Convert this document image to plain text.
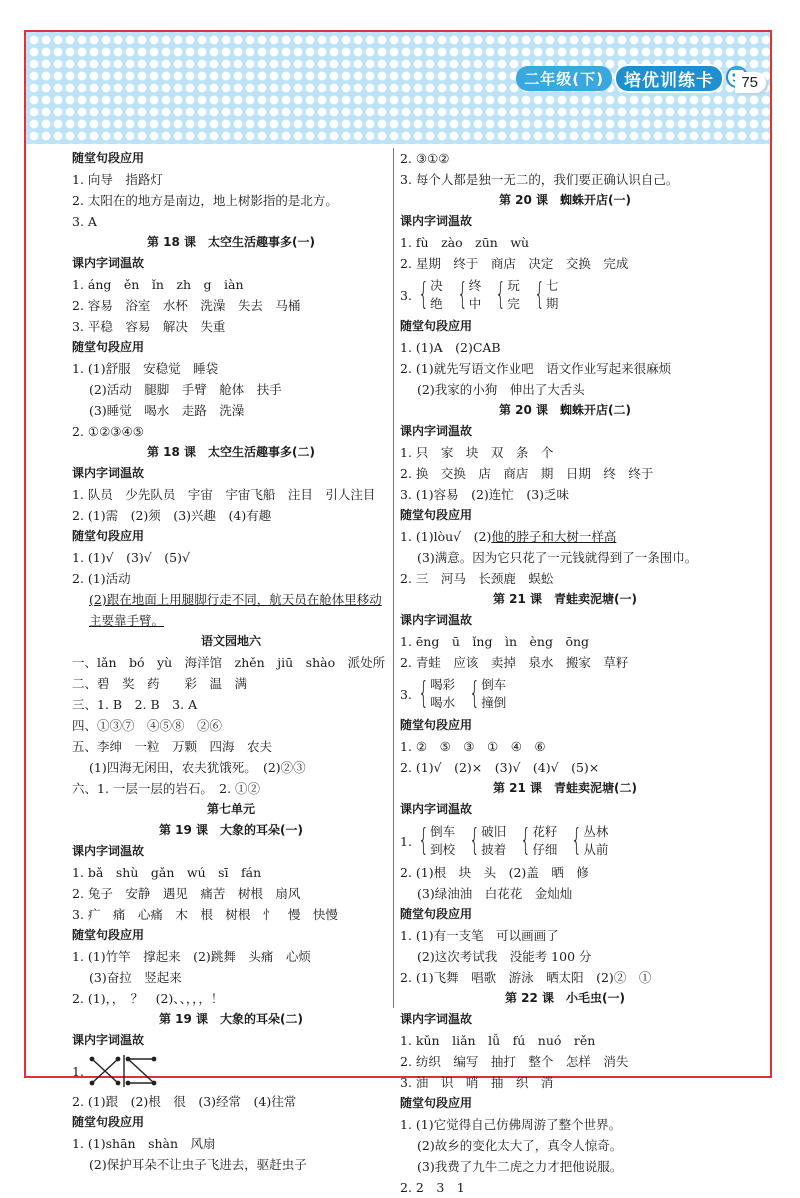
二年级(下)	培优训练卡	75
随堂句段应用
1. 向导　指路灯
2. 太阳在的地方是南边，地上树影指的是北方。
3. A
第 18 课　太空生活趣事多(一)
课内字词温故
1. áng　ěn　ǐn　zh　g　iàn
2. 容易　浴室　水杯　洗澡　失去　马桶
3. 平稳　容易　解决　失重
随堂句段应用
1. (1)舒服　安稳觉　睡袋
(2)活动　腿脚　手臂　舱体　扶手
(3)睡觉　喝水　走路　洗澡
2. ①②③④⑤
第 18 课　太空生活趣事多(二)
课内字词温故
1. 队员　少先队员　宇宙　宇宙飞船　注目　引人注目
2. (1)需　(2)须　(3)兴趣　(4)有趣
随堂句段应用
1. (1)√　(3)√　(5)√
2. (1)活动
(2)跟在地面上用腿脚行走不同，航天员在舱体里移动
主要靠手臂。
语文园地六
一、lǎn　bó　yù　海洋馆　zhěn　jiū　shào　派处所
二、碧　奖　药　　彩　温　满
三、1. B　2. B　3. A
四、①③⑦　④⑤⑧　②⑥
五、李绅　一粒　万颗　四海　农夫
(1)四海无闲田，农夫犹饿死。　(2)②③
六、1. 一层一层的岩石。　2. ①②
第七单元
第 19 课　大象的耳朵(一)
课内字词温故
1. bǎ　shù　gǎn　wú　sī　fán
2. 兔子　安静　遇见　痛苦　树根　扇风
3. 疒　痛　心痛　木　根　树根　忄　慢　快慢
随堂句段应用
1. (1)竹竿　撑起来　(2)跳舞　头痛　心烦
(3)奋拉　竖起来
2. (1)，，　？　(2)、、，，，！
第 19 课　大象的耳朵(二)
课内字词温故
1.
2. (1)跟　(2)根　很　(3)经常　(4)往常
随堂句段应用
1. (1)shān　shàn　风扇
(2)保护耳朵不让虫子飞进去，驱赶虫子
2. ③①②
3. 每个人都是独一无二的，我们要正确认识自己。
第 20 课　蜘蛛开店(一)
课内字词温故
1. fù　zào　zūn　wù
2. 星期　终于　商店　决定　交换　完成
3. { 决
绝 { 终
中 { 玩
完 { 七
期
随堂句段应用
1. (1)A　(2)CAB
2. (1)就先写语文作业吧　语文作业写起来很麻烦
(2)我家的小狗　伸出了大舌头
第 20 课　蜘蛛开店(二)
课内字词温故
1. 只　家　块　双　条　个
2. 换　交换　店　商店　期　日期　终　终于
3. (1)容易　(2)连忙　(3)乏味
随堂句段应用
1. (1)lòu√　(2)他的脖子和大树一样高
(3)满意。因为它只花了一元钱就得到了一条围巾。
2. 三　河马　长颈鹿　蜈蚣
第 21 课　青蛙卖泥塘(一)
课内字词温故
1. ēng　ū　ǐng　ìn　èng　ōng
2. 青蛙　应该　卖掉　泉水　搬家　草籽
3. { 喝彩
喝水 { 倒车
撞倒
随堂句段应用
1. ②　⑤　③　①　④　⑥
2. (1)√　(2)×　(3)√　(4)√　(5)×
第 21 课　青蛙卖泥塘(二)
课内字词温故
1. { 倒车
到校 { 破旧
披着 { 花籽
仔细 { 丛林
从前
2. (1)根　块　头　(2)盖　晒　修
(3)绿油油　白花花　金灿灿
随堂句段应用
1. (1)有一支笔　可以画画了
(2)这次考试我　没能考 100 分
2. (1)飞舞　唱歌　游泳　晒太阳　(2)②　①
第 22 课　小毛虫(一)
课内字词温故
1. kǔn　liǎn　lǚ　fú　nuó　rěn
2. 纺织　编写　抽打　整个　怎样　消失
3. 油　识　哨　抽　织　消
随堂句段应用
1. (1)它觉得自己仿佛周游了整个世界。
(2)故乡的变化太大了，真令人惊奇。
(3)我费了九牛二虎之力才把他说服。
2. 2　3　1
